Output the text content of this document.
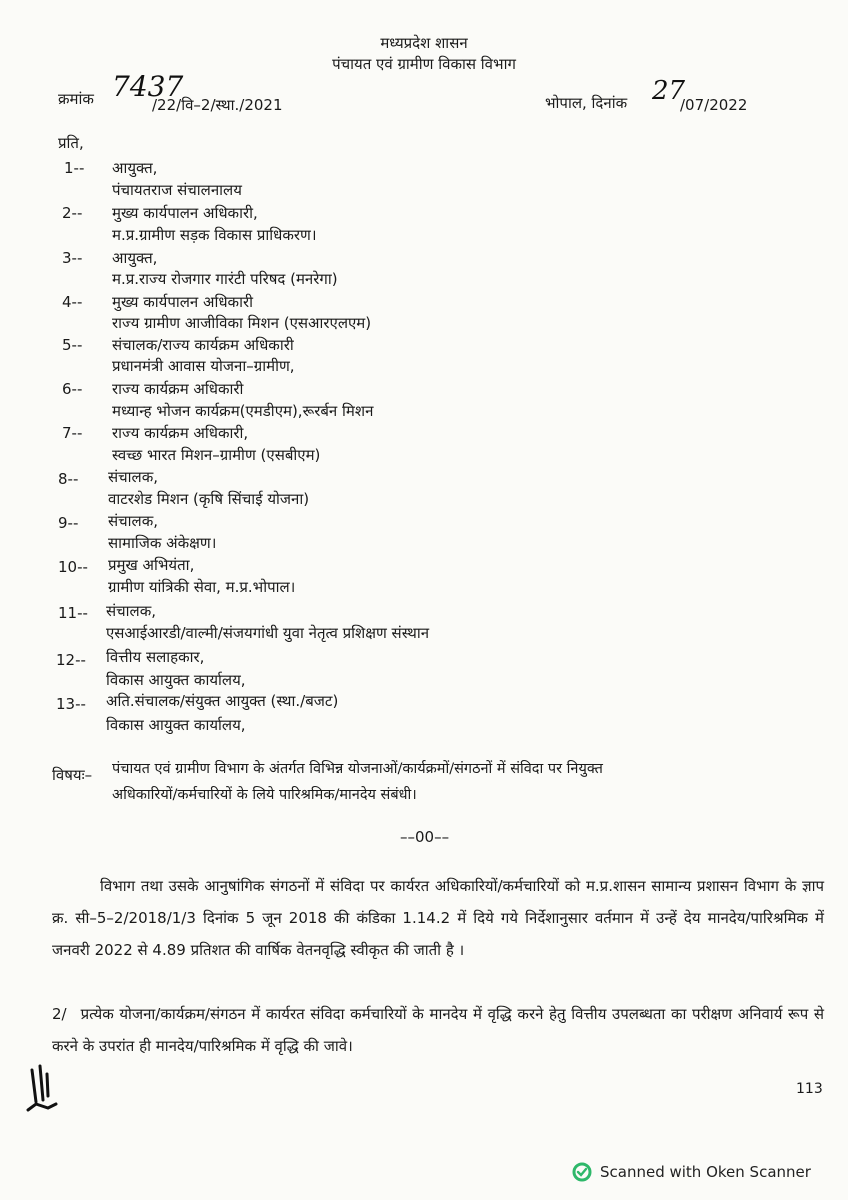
मध्यप्रदेश शासन
पंचायत एवं ग्रामीण विकास विभाग
क्रमांक 7437
/22/वि–2/स्था./2021	भोपाल, दिनांक 27
/07/2022
प्रति,
1-- आयुक्त,
पंचायतराज संचालनालय
2-- मुख्य कार्यपालन अधिकारी,
म.प्र.ग्रामीण सड़क विकास प्राधिकरण।
3-- आयुक्त,
म.प्र.राज्य रोजगार गारंटी परिषद (मनरेगा)
4-- मुख्य कार्यपालन अधिकारी
राज्य ग्रामीण आजीविका मिशन (एसआरएलएम)
5-- संचालक/राज्य कार्यक्रम अधिकारी
प्रधानमंत्री आवास योजना–ग्रामीण,
6-- राज्य कार्यक्रम अधिकारी
मध्यान्ह भोजन कार्यक्रम(एमडीएम),रूरर्बन मिशन
7-- राज्य कार्यक्रम अधिकारी,
स्वच्छ भारत मिशन–ग्रामीण (एसबीएम)
8-- संचालक,
वाटरशेड मिशन (कृषि सिंचाई योजना)
9-- संचालक,
सामाजिक अंकेक्षण।
10-- प्रमुख अभियंता,
ग्रामीण यांत्रिकी सेवा, म.प्र.भोपाल।
11-- संचालक,
एसआईआरडी/वाल्मी/संजयगांधी युवा नेतृत्व प्रशिक्षण संस्थान
12-- वित्तीय सलाहकार,
विकास आयुक्त कार्यालय,
13-- अति.संचालक/संयुक्त आयुक्त (स्था./बजट)
विकास आयुक्त कार्यालय,
विषयः– पंचायत एवं ग्रामीण विभाग के अंतर्गत विभिन्न योजनाओं/कार्यक्रमों/संगठनों में संविदा पर नियुक्त
अधिकारियों/कर्मचारियों के लिये पारिश्रमिक/मानदेय संबंधी।
––00––
विभाग तथा उसके आनुषांगिक संगठनों में संविदा पर कार्यरत अधिकारियों/कर्मचारियों को म.प्र.शासन सामान्य प्रशासन विभाग के ज्ञाप क्र. सी–5–2/2018/1/3 दिनांक 5 जून 2018 की कंडिका 1.14.2 में दिये गये निर्देशानुसार वर्तमान में उन्हें देय मानदेय/पारिश्रमिक में जनवरी 2022 से 4.89 प्रतिशत की वार्षिक वेतनवृद्धि स्वीकृत की जाती है ।
2/ प्रत्येक योजना/कार्यक्रम/संगठन में कार्यरत संविदा कर्मचारियों के मानदेय में वृद्धि करने हेतु वित्तीय उपलब्धता का परीक्षण अनिवार्य रूप से करने के उपरांत ही मानदेय/पारिश्रमिक में वृद्धि की जावे।
113
Scanned with Oken Scanner
